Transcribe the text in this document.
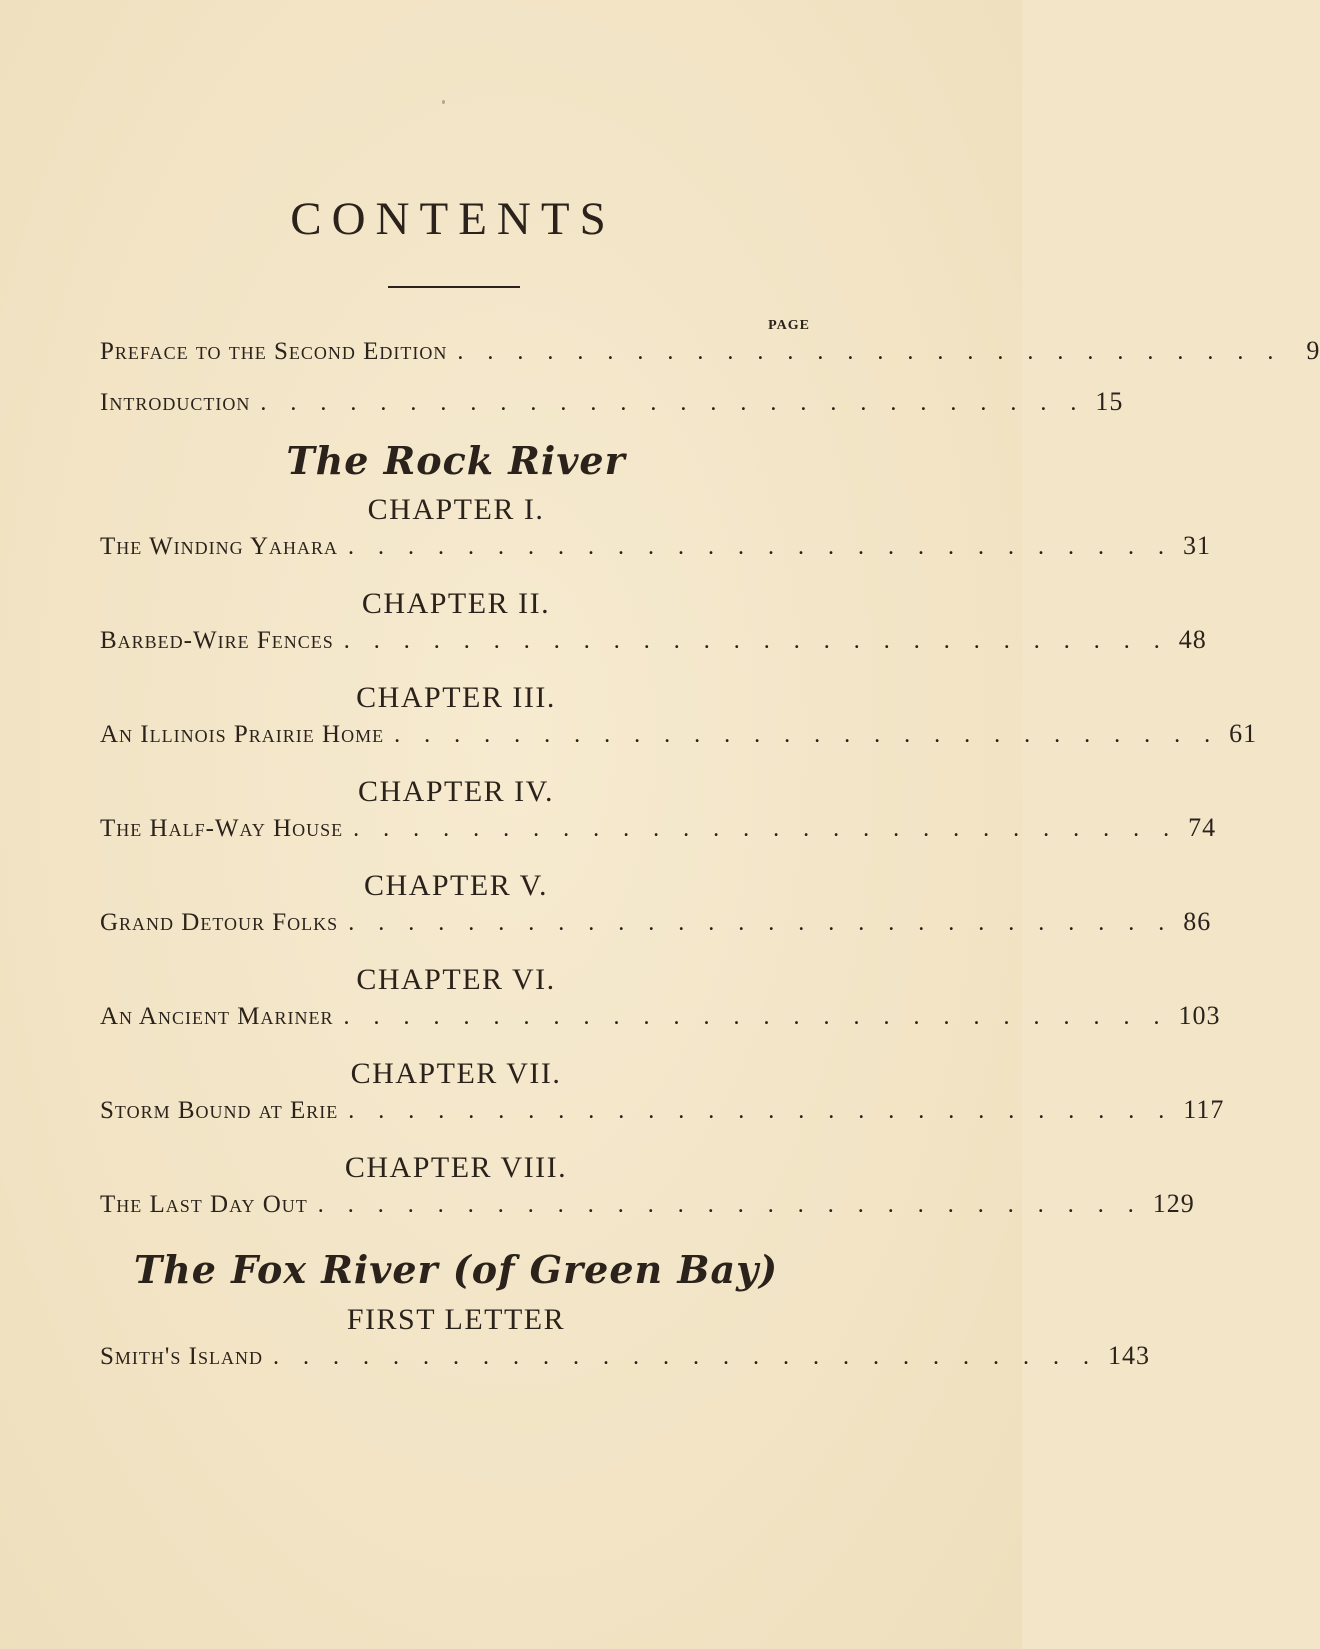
CONTENTS
PAGE
Preface to the Second Edition . . . . . . . . . . . . . . . . . . . . . . . . . . . . 9
Introduction . . . . . . . . . . . . . . . . . . . . . . . . . . . . 15
The Rock River
CHAPTER I.
The Winding Yahara . . . . . . . . . . . . . . . . . . . . . . . . . . . . 31
CHAPTER II.
Barbed-Wire Fences . . . . . . . . . . . . . . . . . . . . . . . . . . . . 48
CHAPTER III.
An Illinois Prairie Home . . . . . . . . . . . . . . . . . . . . . . . . . . . . 61
CHAPTER IV.
The Half-Way House . . . . . . . . . . . . . . . . . . . . . . . . . . . . 74
CHAPTER V.
Grand Detour Folks . . . . . . . . . . . . . . . . . . . . . . . . . . . . 86
CHAPTER VI.
An Ancient Mariner . . . . . . . . . . . . . . . . . . . . . . . . . . . . 103
CHAPTER VII.
Storm Bound at Erie . . . . . . . . . . . . . . . . . . . . . . . . . . . . 117
CHAPTER VIII.
The Last Day Out . . . . . . . . . . . . . . . . . . . . . . . . . . . . 129
The Fox River (of Green Bay)
FIRST LETTER
Smith's Island . . . . . . . . . . . . . . . . . . . . . . . . . . . . 143
